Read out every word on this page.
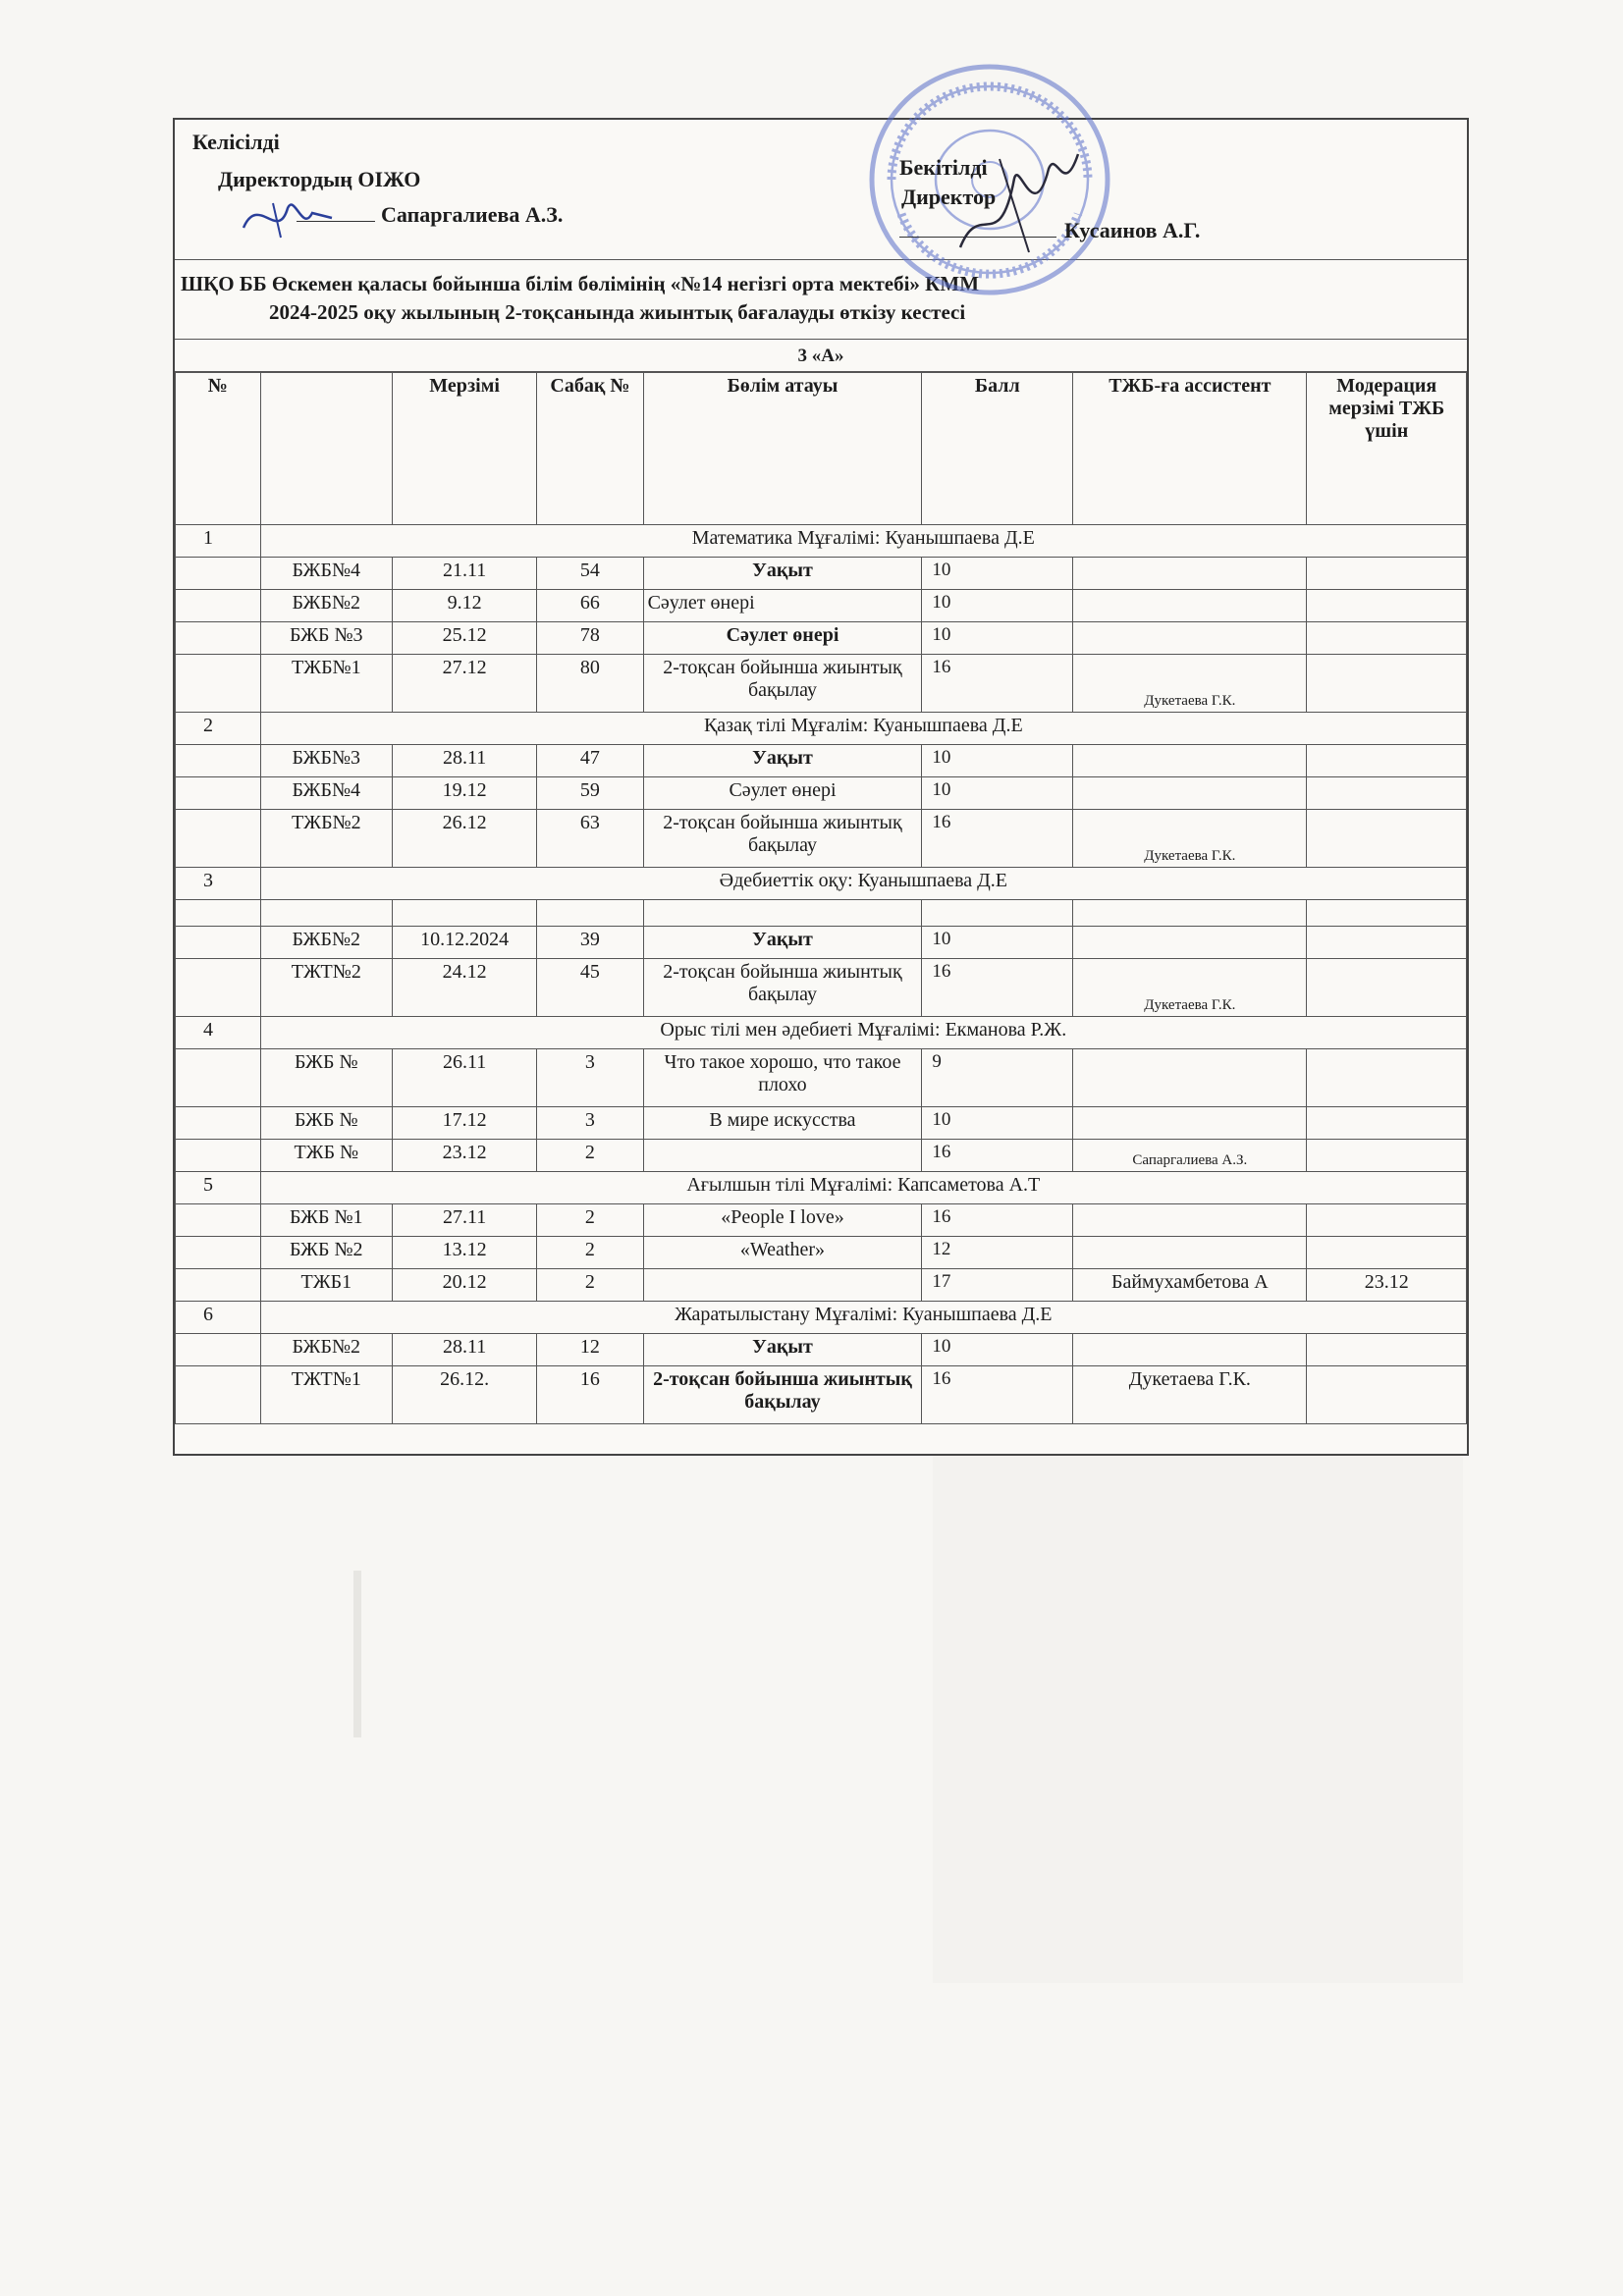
Келісілді
Директордың ОІЖО
Сапаргалиева А.З.
Бекітілді
Директор
Кусаинов А.Г.
ШҚО ББ Өскемен қаласы бойынша білім бөлімінің «№14 негізгі орта мектебі» КММ
2024-2025 оқу жылының 2-тоқсанында жиынтық бағалауды өткізу кестесі
3 «А»
№		Мерзімі	Сабақ №	Бөлім атауы	Балл	ТЖБ-ға ассистент	Модерация мерзімі ТЖБ үшін
1	Математика Мұғалімі: Куанышпаева Д.Е						
	БЖБ№4	21.11	54	Уақыт	10		
	БЖБ№2	9.12	66	Сәулет өнері	10		
	БЖБ №3	25.12	78	Сәулет өнері	10		
	ТЖБ№1	27.12	80	2-тоқсан бойынша жиынтық бақылау	16	Дукетаева Г.К.	
2	Қазақ тілі Мұғалім: Куанышпаева Д.Е						
	БЖБ№3	28.11	47	Уақыт	10		
	БЖБ№4	19.12	59	Сәулет өнері	10		
	ТЖБ№2	26.12	63	2-тоқсан бойынша жиынтық бақылау	16	Дукетаева Г.К.	
3	Әдебиеттік оқу: Куанышпаева Д.Е						

	БЖБ№2	10.12.2024	39	Уақыт	10		
	ТЖТ№2	24.12	45	2-тоқсан бойынша жиынтық бақылау	16	Дукетаева Г.К.	
4	Орыс тілі мен әдебиеті Мұғалімі: Екманова Р.Ж.						
	БЖБ №	26.11	3	Что такое хорошо, что такое плохо	9		
	БЖБ №	17.12	3	В мире искусства	10		
	ТЖБ №	23.12	2		16	Сапаргалиева А.З.	
5	Ағылшын тілі Мұғалімі: Капсаметова А.Т						
	БЖБ №1	27.11	2	«People I love»	16		
	БЖБ №2	13.12	2	«Weather»	12		
	ТЖБ1	20.12	2		17	Баймухамбетова А	23.12
6	Жаратылыстану Мұғалімі: Куанышпаева Д.Е						
	БЖБ№2	28.11	12	Уақыт	10		
	ТЖТ№1	26.12.	16	2-тоқсан бойынша жиынтық бақылау	16	Дукетаева Г.К.	
